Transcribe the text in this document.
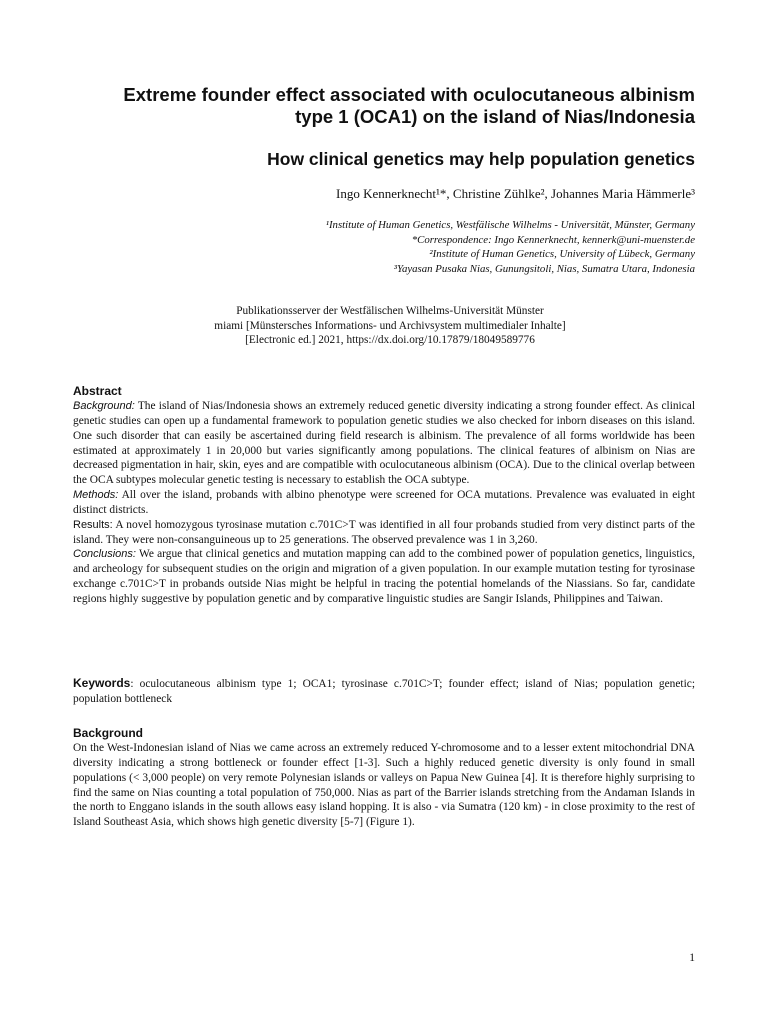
Extreme founder effect associated with oculocutaneous albinism
type 1 (OCA1) on the island of Nias/Indonesia
How clinical genetics may help population genetics
Ingo Kennerknecht¹*, Christine Zühlke², Johannes Maria Hämmerle³
¹Institute of Human Genetics, Westfälische Wilhelms - Universität, Münster, Germany
*Correspondence: Ingo Kennerknecht, kennerk@uni-muenster.de
²Institute of Human Genetics, University of Lübeck, Germany
³Yayasan Pusaka Nias, Gunungsitoli, Nias, Sumatra Utara, Indonesia
Publikationsserver der Westfälischen Wilhelms-Universität Münster
miami [Münstersches Informations- und Archivsystem multimedialer Inhalte]
[Electronic ed.] 2021, https://dx.doi.org/10.17879/18049589776
Abstract

Background: The island of Nias/Indonesia shows an extremely reduced genetic diversity indicating a strong founder effect. As clinical genetic studies can open up a fundamental framework to population genetic studies we also checked for inborn diseases on this island. One such disorder that can easily be ascertained during field research is albinism. The prevalence of all forms worldwide has been estimated at approximately 1 in 20,000 but varies significantly among populations. The clinical features of albinism on Nias are decreased pigmentation in hair, skin, eyes and are compatible with oculocutaneous albinism (OCA). Due to the clinical overlap between the OCA subtypes molecular genetic testing is necessary to establish the OCA subtype.

Methods: All over the island, probands with albino phenotype were screened for OCA mutations. Prevalence was evaluated in eight distinct districts.

Results: A novel homozygous tyrosinase mutation c.701C>T was identified in all four probands studied from very distinct parts of the island. They were non-consanguineous up to 25 generations. The observed prevalence was 1 in 3,260.

Conclusions: We argue that clinical genetics and mutation mapping can add to the combined power of population genetics, linguistics, and archeology for subsequent studies on the origin and migration of a given population. In our example mutation testing for tyrosinase exchange c.701C>T in probands outside Nias might be helpful in tracing the potential homelands of the Niassians. So far, candidate regions highly suggestive by population genetic and by comparative linguistic studies are Sangir Islands, Philippines and Taiwan.

Keywords: oculocutaneous albinism type 1; OCA1; tyrosinase c.701C>T; founder effect; island of Nias; population genetic; population bottleneck

Background

On the West-Indonesian island of Nias we came across an extremely reduced Y-chromosome and to a lesser extent mitochondrial DNA diversity indicating a strong bottleneck or founder effect [1-3]. Such a highly reduced genetic diversity is only found in small populations (< 3,000 people) on very remote Polynesian islands or valleys on Papua New Guinea [4]. It is therefore highly surprising to find the same on Nias counting a total population of 750,000. Nias as part of the Barrier islands stretching from the Andaman Islands in the north to Enggano islands in the south allows easy island hopping. It is also - via Sumatra (120 km) - in close proximity to the rest of Island Southeast Asia, which shows high genetic diversity [5-7] (Figure 1).

1
